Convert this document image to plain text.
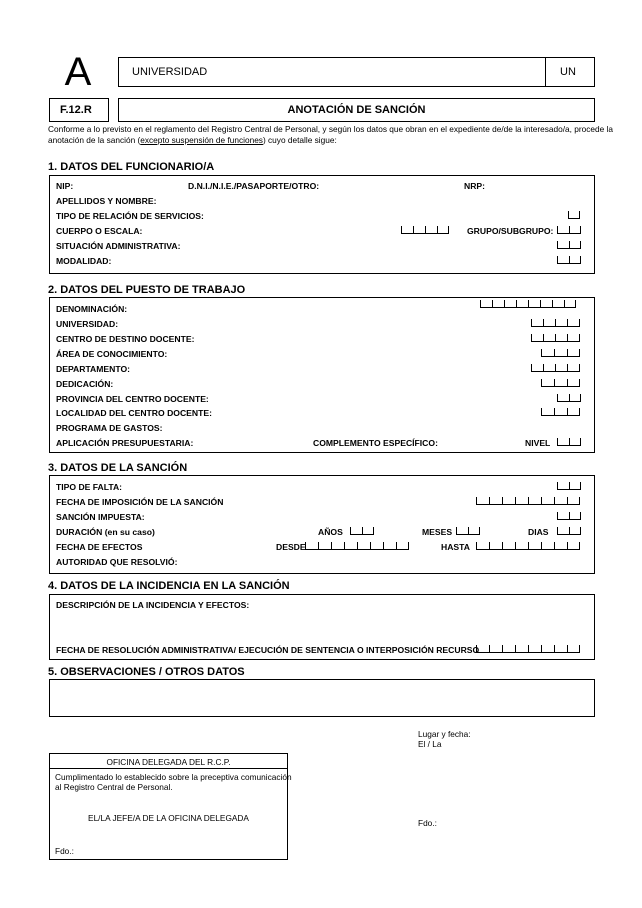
A	UNIVERSIDAD	UN
F.12.R	ANOTACIÓN DE SANCIÓN
Conforme a lo previsto en el reglamento del Registro Central de Personal, y según los datos que obran en el expediente de/de la interesado/a, procede la
anotación de la sanción (excepto suspensión de funciones) cuyo detalle sigue:
1. DATOS DEL FUNCIONARIO/A
NIP:	D.N.I./N.I.E./PASAPORTE/OTRO:	NRP:
APELLIDOS Y NOMBRE:
TIPO DE RELACIÓN DE SERVICIOS:
CUERPO O ESCALA:	GRUPO/SUBGRUPO:
SITUACIÓN ADMINISTRATIVA:
MODALIDAD:
2. DATOS DEL PUESTO DE TRABAJO
DENOMINACIÓN:
UNIVERSIDAD:
CENTRO DE DESTINO DOCENTE:
ÁREA DE CONOCIMIENTO:
DEPARTAMENTO:
DEDICACIÓN:
PROVINCIA DEL CENTRO DOCENTE:
LOCALIDAD DEL CENTRO DOCENTE:
PROGRAMA DE GASTOS:
APLICACIÓN PRESUPUESTARIA:	COMPLEMENTO ESPECÍFICO:	NIVEL
3. DATOS DE LA SANCIÓN
TIPO DE FALTA:
FECHA DE IMPOSICIÓN DE LA SANCIÓN
SANCIÓN IMPUESTA:
DURACIÓN (en su caso)	AÑOS	MESES	DIAS
FECHA DE EFECTOS	DESDE	HASTA
AUTORIDAD QUE RESOLVIÓ:
4. DATOS DE LA INCIDENCIA EN LA SANCIÓN
DESCRIPCIÓN DE LA INCIDENCIA Y EFECTOS:
FECHA DE RESOLUCIÓN ADMINISTRATIVA/ EJECUCIÓN DE SENTENCIA O INTERPOSICIÓN RECURSO
5. OBSERVACIONES / OTROS DATOS
Lugar y fecha:
El / La
Fdo.:
OFICINA DELEGADA DEL R.C.P.
Cumplimentado lo establecido sobre la preceptiva comunicación
al Registro Central de Personal.
EL/LA JEFE/A DE LA OFICINA DELEGADA
Fdo.:
